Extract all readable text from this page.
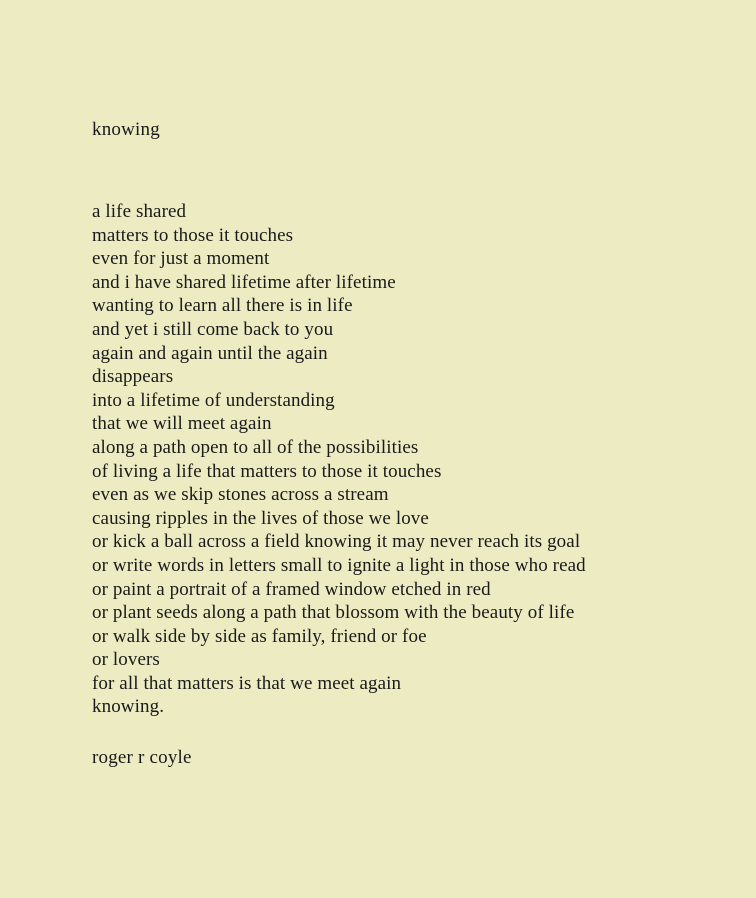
knowing
a life shared
matters to those it touches
even for just a moment
and i have shared lifetime after lifetime
wanting to learn all there is in life
and yet i still come back to you
again and again until the again
disappears
into a lifetime of understanding
that we will meet again
along a path open to all of the possibilities
of living a life that matters to those it touches
even as we skip stones across a stream
causing ripples in the lives of those we love
or kick a ball across a field knowing it may never reach its goal
or write words in letters small to ignite a light in those who read
or paint a portrait of a framed window etched in red
or plant seeds along a path that blossom with the beauty of life
or walk side by side as family, friend or foe
or lovers
for all that matters is that we meet again
knowing.
roger r coyle
